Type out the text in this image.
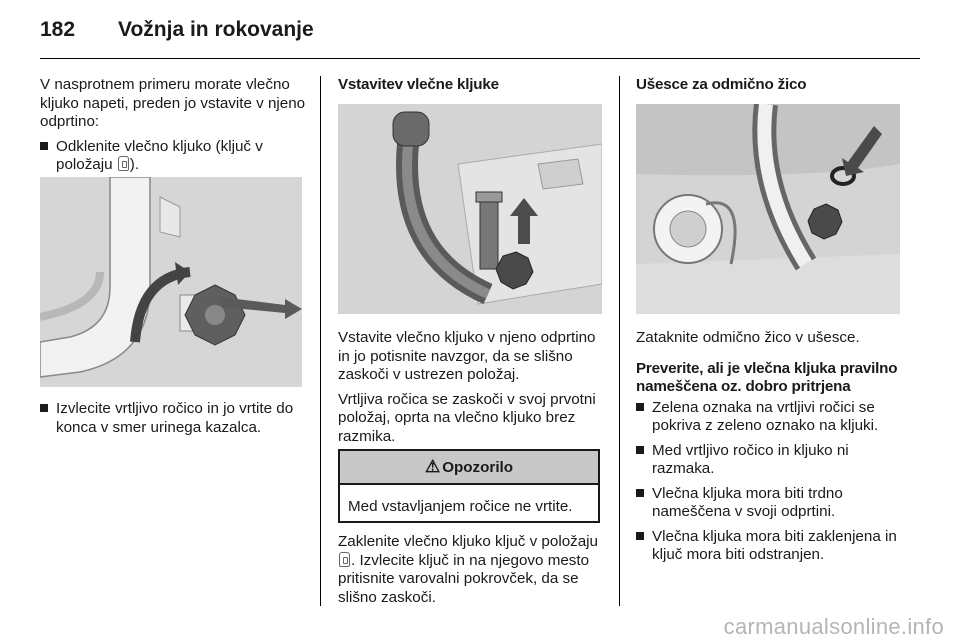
182 Vožnja in rokovanje

V nasprotnem primeru morate vlečno kljuko napeti, preden jo vstavite v njeno odprtino:

Odklenite vlečno kljuko (ključ v položaju ).
Izvlecite vrtljivo ročico in jo vrtite do konca v smer urinega kazalca.
Vstavitev vlečne kljuke

Vstavite vlečno kljuko v njeno odprtino in jo potisnite navzgor, da se slišno zaskoči v ustrezen položaj.

Vrtljiva ročica se zaskoči v svoj prvotni položaj, oprta na vlečno kljuko brez razmika.

⚠ Opozorilo
Med vstavljanjem ročice ne vrtite.

Zaklenite vlečno kljuko ključ v položaju . Izvlecite ključ in na njegovo mesto pritisnite varovalni pokrovček, da se slišno zaskoči.

Ušesce za odmično žico

Zataknite odmično žico v ušesce.

Preverite, ali je vlečna kljuka pravilno nameščena oz. dobro pritrjena
Zelena oznaka na vrtljivi ročici se pokriva z zeleno oznako na kljuki.
Med vrtljivo ročico in kljuko ni razmaka.
Vlečna kljuka mora biti trdno nameščena v svoji odprtini.
Vlečna kljuka mora biti zaklenjena in ključ mora biti odstranjen.
carmanualsonline.info
